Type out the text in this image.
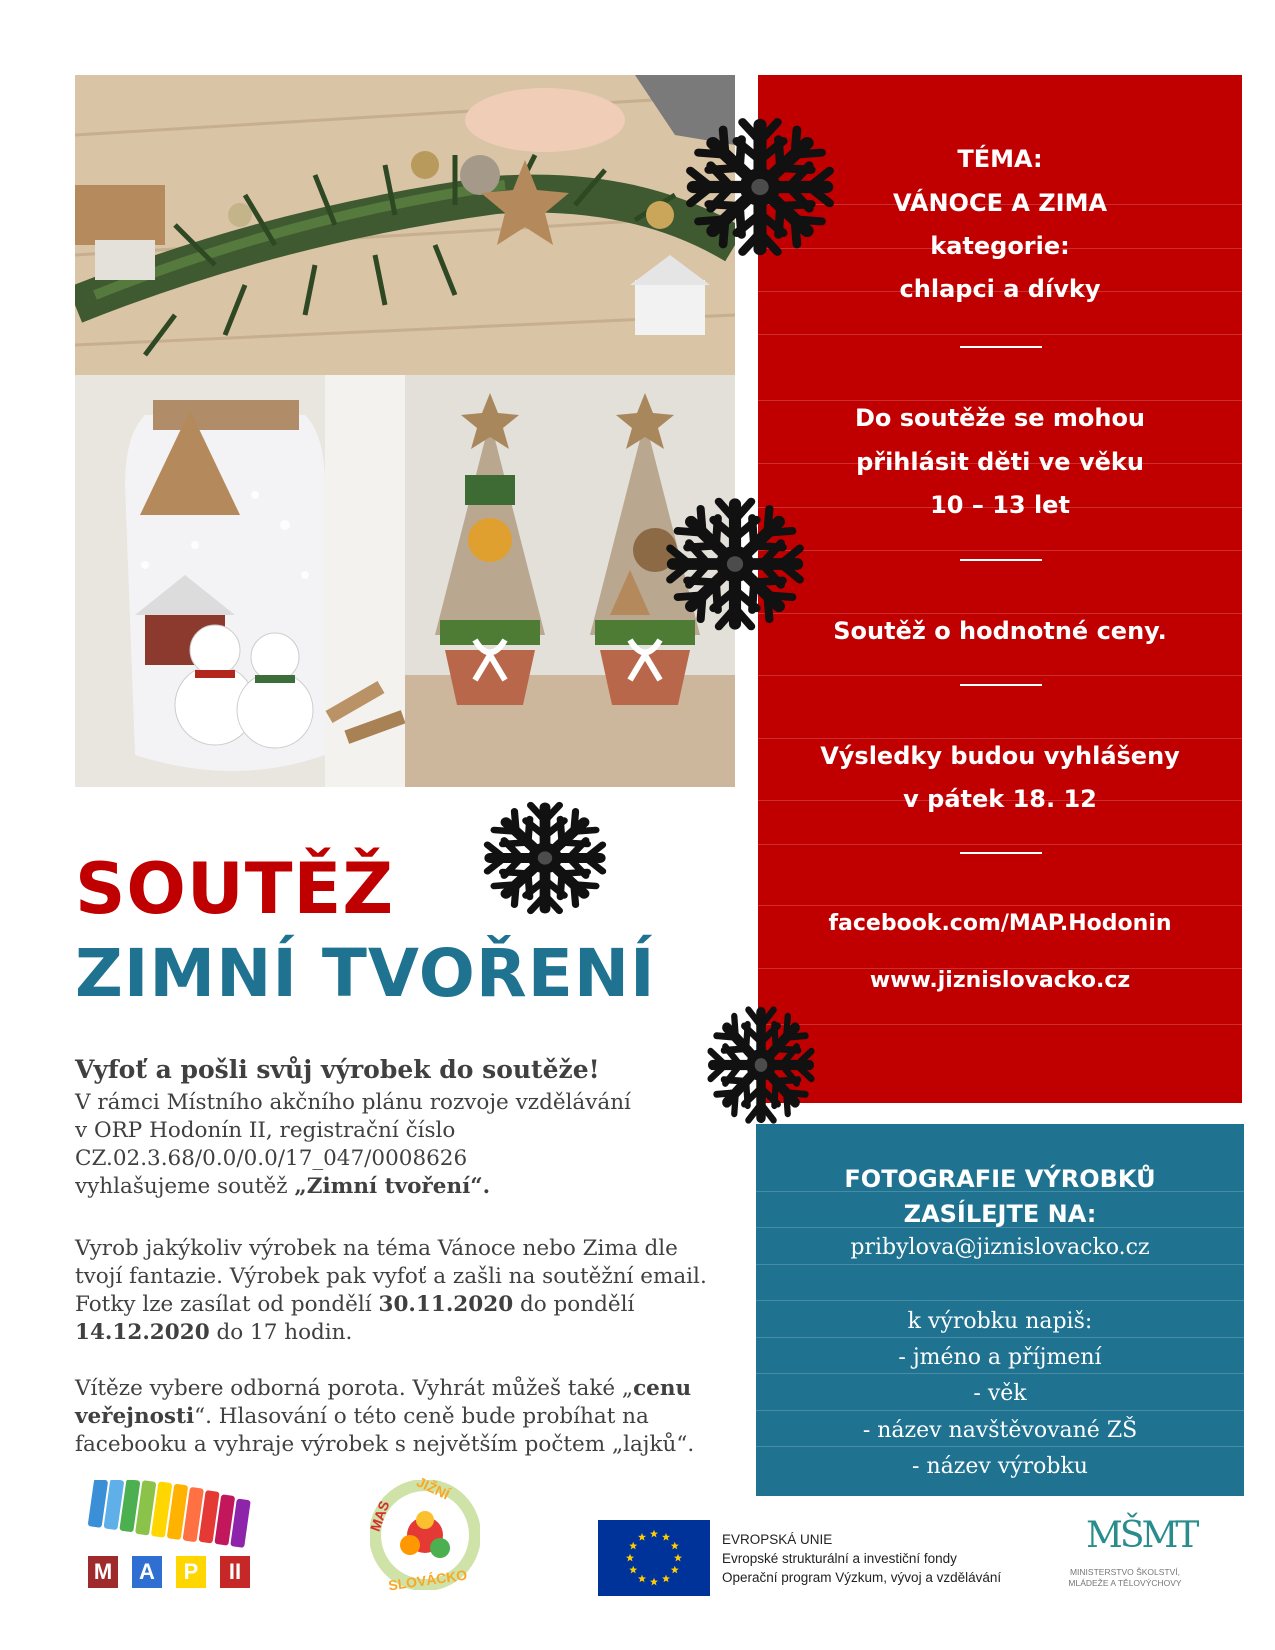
TÉMA:
VÁNOCE A ZIMA
kategorie:
chlapci a dívky
Do soutěže se mohou
přihlásit děti ve věku
10 – 13 let
Soutěž o hodnotné ceny.
Výsledky budou vyhlášeny
v pátek 18. 12
facebook.com/MAP.Hodonin
www.jiznislovacko.cz
FOTOGRAFIE VÝROBKŮ
ZASÍLEJTE NA:
pribylova@jiznislovacko.cz
k výrobku napiš:
- jméno a příjmení
- věk
- název navštěvované ZŠ
- název výrobku
SOUTĚŽ
ZIMNÍ TVOŘENÍ
Vyfoť a pošli svůj výrobek do soutěže!
V rámci Místního akčního plánu rozvoje vzdělávání
v ORP Hodonín II, registrační číslo
CZ.02.3.68/0.0/0.0/17_047/0008626
vyhlašujeme soutěž „Zimní tvoření“.
Vyrob jakýkoliv výrobek na téma Vánoce nebo Zima dle
tvojí fantazie. Výrobek pak vyfoť a zašli na soutěžní email.
Fotky lze zasílat od pondělí 30.11.2020 do pondělí
14.12.2020 do 17 hodin.
Vítěze vybere odborná porota. Vyhrát můžeš také „cenu
veřejnosti“. Hlasování o této ceně bude probíhat na
facebooku a vyhraje výrobek s největším počtem „lajků“.
M	A	P	II
MAS
JIŽNÍ
SLOVÁCKO
EVROPSKÁ UNIE
Evropské strukturální a investiční fondy
Operační program Výzkum, vývoj a vzdělávání
MŠMT
MINISTERSTVO ŠKOLSTVÍ,
MLÁDEŽE A TĚLOVÝCHOVY
